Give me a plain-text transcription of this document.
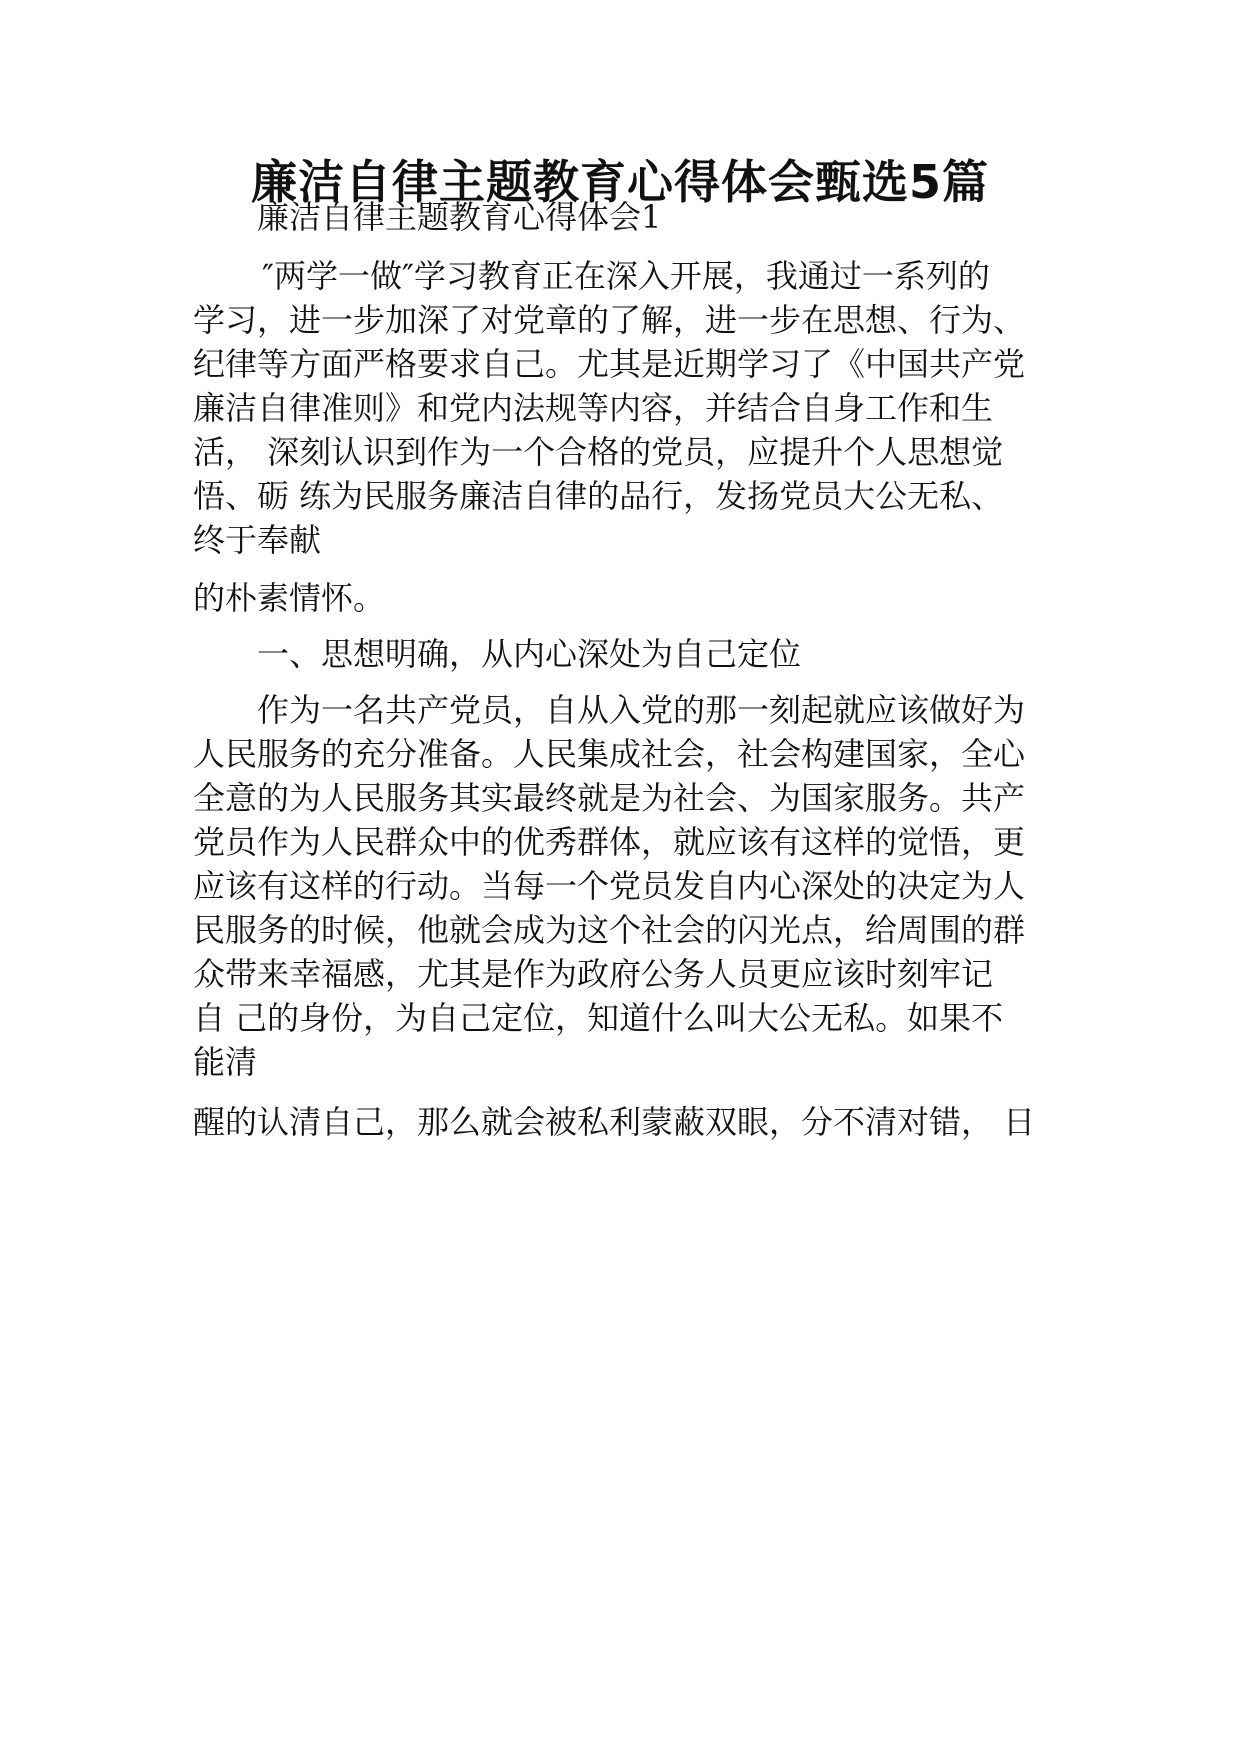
廉洁自律主题教育心得体会甄选5篇
廉洁自律主题教育心得体会1
″两学一做″学习教育正在深入开展，我通过一系列的
学习，进一步加深了对党章的了解，进一步在思想、行为、
纪律等方面严格要求自己。尤其是近期学习了《中国共产党
廉洁自律准则》和党内法规等内容，并结合自身工作和生
活， 深刻认识到作为一个合格的党员，应提升个人思想觉
悟、砺 练为民服务廉洁自律的品行，发扬党员大公无私、
终于奉献
的朴素情怀。
一、思想明确，从内心深处为自己定位
作为一名共产党员，自从入党的那一刻起就应该做好为
人民服务的充分准备。人民集成社会，社会构建国家，全心
全意的为人民服务其实最终就是为社会、为国家服务。共产
党员作为人民群众中的优秀群体，就应该有这样的觉悟，更
应该有这样的行动。当每一个党员发自内心深处的决定为人
民服务的时候，他就会成为这个社会的闪光点，给周围的群
众带来幸福感，尤其是作为政府公务人员更应该时刻牢记
自 己的身份，为自己定位，知道什么叫大公无私。如果不
能清
醒的认清自己，那么就会被私利蒙蔽双眼，分不清对错， 日
